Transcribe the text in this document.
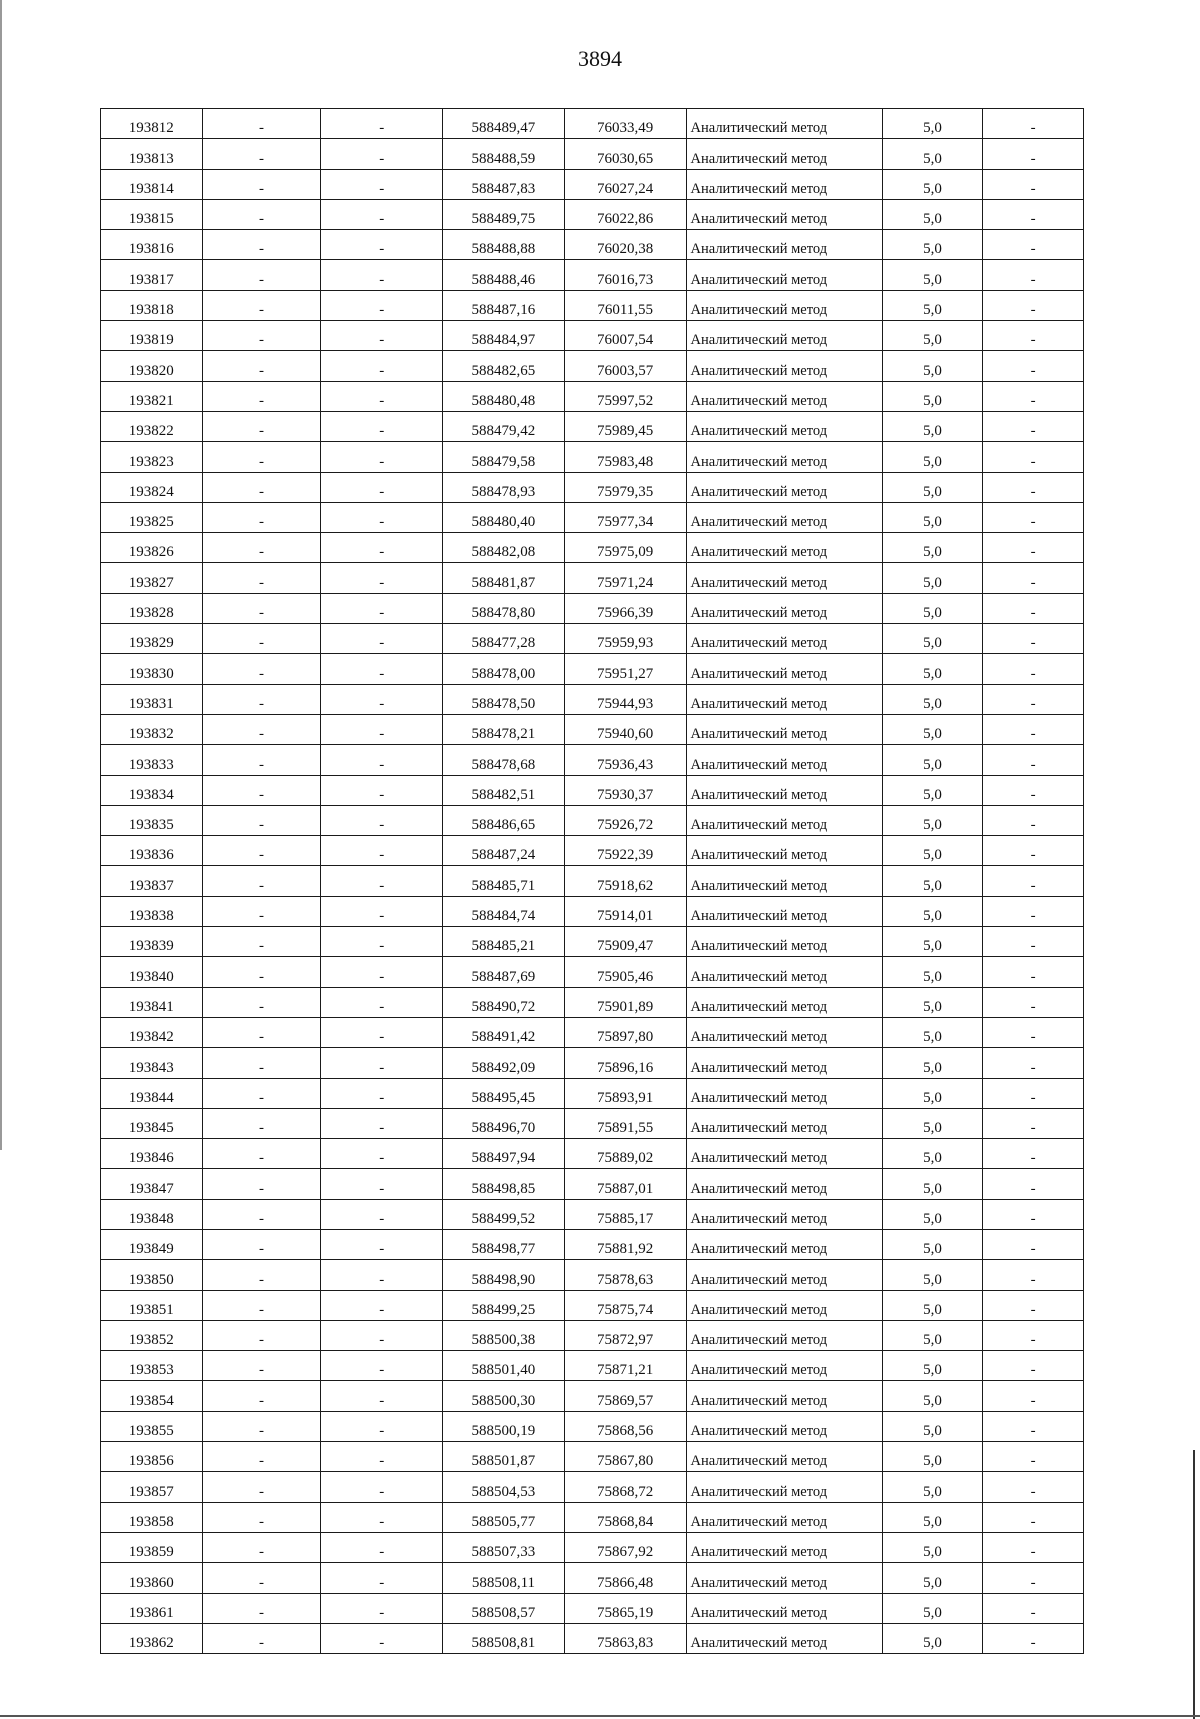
3894
193812	-	-	588489,47	76033,49	Аналитический метод	5,0	-
193813	-	-	588488,59	76030,65	Аналитический метод	5,0	-
193814	-	-	588487,83	76027,24	Аналитический метод	5,0	-
193815	-	-	588489,75	76022,86	Аналитический метод	5,0	-
193816	-	-	588488,88	76020,38	Аналитический метод	5,0	-
193817	-	-	588488,46	76016,73	Аналитический метод	5,0	-
193818	-	-	588487,16	76011,55	Аналитический метод	5,0	-
193819	-	-	588484,97	76007,54	Аналитический метод	5,0	-
193820	-	-	588482,65	76003,57	Аналитический метод	5,0	-
193821	-	-	588480,48	75997,52	Аналитический метод	5,0	-
193822	-	-	588479,42	75989,45	Аналитический метод	5,0	-
193823	-	-	588479,58	75983,48	Аналитический метод	5,0	-
193824	-	-	588478,93	75979,35	Аналитический метод	5,0	-
193825	-	-	588480,40	75977,34	Аналитический метод	5,0	-
193826	-	-	588482,08	75975,09	Аналитический метод	5,0	-
193827	-	-	588481,87	75971,24	Аналитический метод	5,0	-
193828	-	-	588478,80	75966,39	Аналитический метод	5,0	-
193829	-	-	588477,28	75959,93	Аналитический метод	5,0	-
193830	-	-	588478,00	75951,27	Аналитический метод	5,0	-
193831	-	-	588478,50	75944,93	Аналитический метод	5,0	-
193832	-	-	588478,21	75940,60	Аналитический метод	5,0	-
193833	-	-	588478,68	75936,43	Аналитический метод	5,0	-
193834	-	-	588482,51	75930,37	Аналитический метод	5,0	-
193835	-	-	588486,65	75926,72	Аналитический метод	5,0	-
193836	-	-	588487,24	75922,39	Аналитический метод	5,0	-
193837	-	-	588485,71	75918,62	Аналитический метод	5,0	-
193838	-	-	588484,74	75914,01	Аналитический метод	5,0	-
193839	-	-	588485,21	75909,47	Аналитический метод	5,0	-
193840	-	-	588487,69	75905,46	Аналитический метод	5,0	-
193841	-	-	588490,72	75901,89	Аналитический метод	5,0	-
193842	-	-	588491,42	75897,80	Аналитический метод	5,0	-
193843	-	-	588492,09	75896,16	Аналитический метод	5,0	-
193844	-	-	588495,45	75893,91	Аналитический метод	5,0	-
193845	-	-	588496,70	75891,55	Аналитический метод	5,0	-
193846	-	-	588497,94	75889,02	Аналитический метод	5,0	-
193847	-	-	588498,85	75887,01	Аналитический метод	5,0	-
193848	-	-	588499,52	75885,17	Аналитический метод	5,0	-
193849	-	-	588498,77	75881,92	Аналитический метод	5,0	-
193850	-	-	588498,90	75878,63	Аналитический метод	5,0	-
193851	-	-	588499,25	75875,74	Аналитический метод	5,0	-
193852	-	-	588500,38	75872,97	Аналитический метод	5,0	-
193853	-	-	588501,40	75871,21	Аналитический метод	5,0	-
193854	-	-	588500,30	75869,57	Аналитический метод	5,0	-
193855	-	-	588500,19	75868,56	Аналитический метод	5,0	-
193856	-	-	588501,87	75867,80	Аналитический метод	5,0	-
193857	-	-	588504,53	75868,72	Аналитический метод	5,0	-
193858	-	-	588505,77	75868,84	Аналитический метод	5,0	-
193859	-	-	588507,33	75867,92	Аналитический метод	5,0	-
193860	-	-	588508,11	75866,48	Аналитический метод	5,0	-
193861	-	-	588508,57	75865,19	Аналитический метод	5,0	-
193862	-	-	588508,81	75863,83	Аналитический метод	5,0	-
